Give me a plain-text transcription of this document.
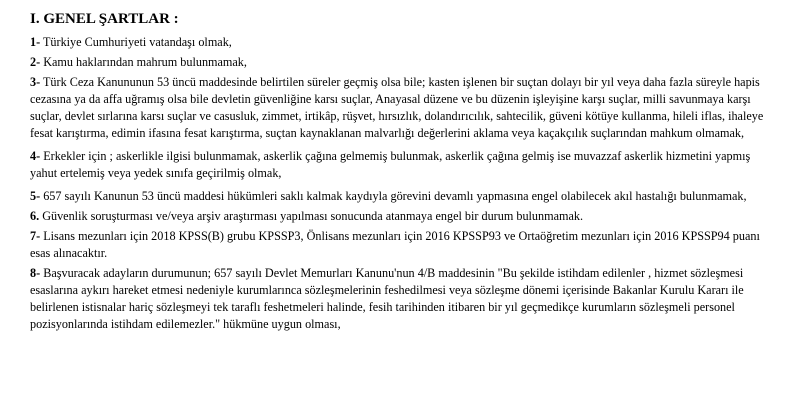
I. GENEL ŞARTLAR :

1- Türkiye Cumhuriyeti vatandaşı olmak,

2- Kamu haklarından mahrum bulunmamak,

3- Türk Ceza Kanununun 53 üncü maddesinde belirtilen süreler geçmiş olsa bile; kasten işlenen bir suçtan dolayı bir yıl veya daha fazla süreyle hapis cezasına ya da affa uğramış olsa bile devletin güvenliğine karsı suçlar, Anayasal düzene ve bu düzenin işleyişine karşı suçlar, milli savunmaya karşı suçlar, devlet sırlarına karsı suçlar ve casusluk, zimmet, irtikâp, rüşvet, hırsızlık, dolandırıcılık, sahtecilik, güveni kötüye kullanma, hileli iflas, ihaleye fesat karıştırma, edimin ifasına fesat karıştırma, suçtan kaynaklanan malvarlığı değerlerini aklama veya kaçakçılık suçlarından mahkum olmamak,

4- Erkekler için ; askerlikle ilgisi bulunmamak, askerlik çağına gelmemiş bulunmak, askerlik çağına gelmiş ise muvazzaf askerlik hizmetini yapmış yahut ertelemiş veya yedek sınıfa geçirilmiş olmak,

5- 657 sayılı Kanunun 53 üncü maddesi hükümleri saklı kalmak kaydıyla görevini devamlı yapmasına engel olabilecek akıl hastalığı bulunmamak,

6. Güvenlik soruşturması ve/veya arşiv araştırması yapılması sonucunda atanmaya engel bir durum bulunmamak.

7- Lisans mezunları için 2018 KPSS(B) grubu KPSSP3, Önlisans mezunları için 2016 KPSSP93 ve Ortaöğretim mezunları için 2016 KPSSP94 puanı esas alınacaktır.

8- Başvuracak adayların durumunun; 657 sayılı Devlet Memurları Kanunu'nun 4/B maddesinin "Bu şekilde istihdam edilenler , hizmet sözleşmesi esaslarına aykırı hareket etmesi nedeniyle kurumlarınca sözleşmelerinin feshedilmesi veya sözleşme dönemi içerisinde Bakanlar Kurulu Kararı ile belirlenen istisnalar hariç sözleşmeyi tek taraflı feshetmeleri halinde, fesih tarihinden itibaren bir yıl geçmedikçe kurumların sözleşmeli personel pozisyonlarında istihdam edilemezler." hükmüne uygun olması,
